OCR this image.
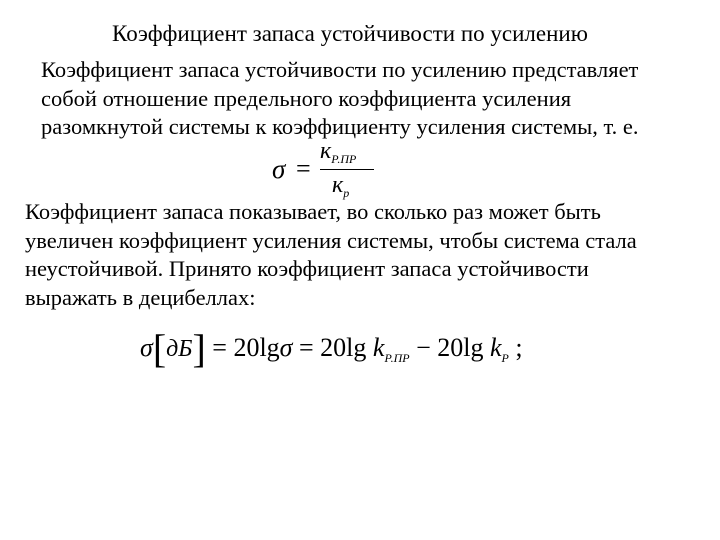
Коэффициент запаса устойчивости по усилению
Коэффициент запаса устойчивости по усилению представляет
собой отношение предельного коэффициента усиления
разомкнутой системы к коэффициенту усиления системы, т. е.
σ =
$к_{Р.ПР}$
$к_р$
Коэффициент запаса показывает, во сколько раз может быть
увеличен коэффициент усиления системы, чтобы система стала
неустойчивой. Принято коэффициент запаса устойчивости
выражать в децибеллах:
σ[дБ] = 20lgσ = 20lg $k_{Р.ПР} - 20\lg$ $k_Р$ ;
